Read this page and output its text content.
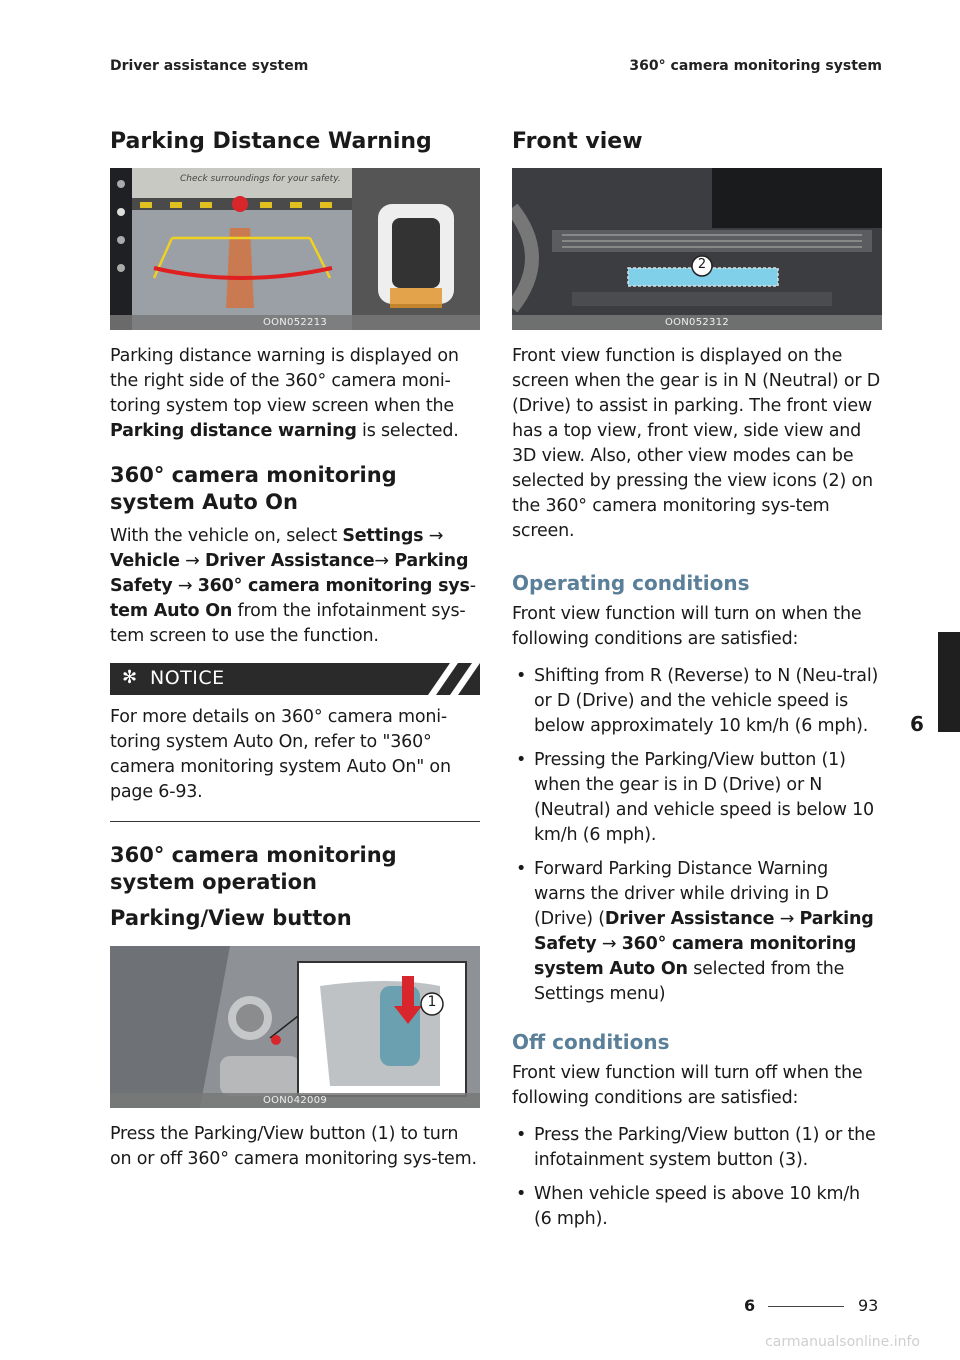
Driver assistance system	360° camera monitoring system
Parking Distance Warning
Check surroundings for your safety.
OON052213

Parking distance warning is displayed on the right side of the 360° camera moni-toring system top view screen when the Parking distance warning is selected.

360° camera monitoring system Auto On

With the vehicle on, select Settings → Vehicle → Driver Assistance→ Parking Safety → 360° camera monitoring sys- tem Auto On from the infotainment sys-tem screen to use the function.

✻ NOTICE

For more details on 360° camera moni-toring system Auto On, refer to "360° camera monitoring system Auto On" on page 6-93.

360° camera monitoring system operation
Parking/View button
1
OON042009

Press the Parking/View button (1) to turn on or off 360° camera monitoring sys-tem.

Front view
2
OON052312

Front view function is displayed on the screen when the gear is in N (Neutral) or D (Drive) to assist in parking. The front view has a top view, front view, side view and 3D view. Also, other view modes can be selected by pressing the view icons (2) on the 360° camera monitoring sys-tem screen.

Operating conditions

Front view function will turn on when the following conditions are satisfied:

• Shifting from R (Reverse) to N (Neu-tral) or D (Drive) and the vehicle speed is below approximately 10 km/h (6 mph).
• Pressing the Parking/View button (1) when the gear is in D (Drive) or N (Neutral) and vehicle speed is below 10 km/h (6 mph).
• Forward Parking Distance Warning warns the driver while driving in D (Drive) (Driver Assistance → Parking Safety → 360° camera monitoring system Auto On selected from the Settings menu)
Off conditions

Front view function will turn off when the following conditions are satisfied:

• Press the Parking/View button (1) or the infotainment system button (3).
• When vehicle speed is above 10 km/h (6 mph).
6
6	93
carmanualsonline.info
